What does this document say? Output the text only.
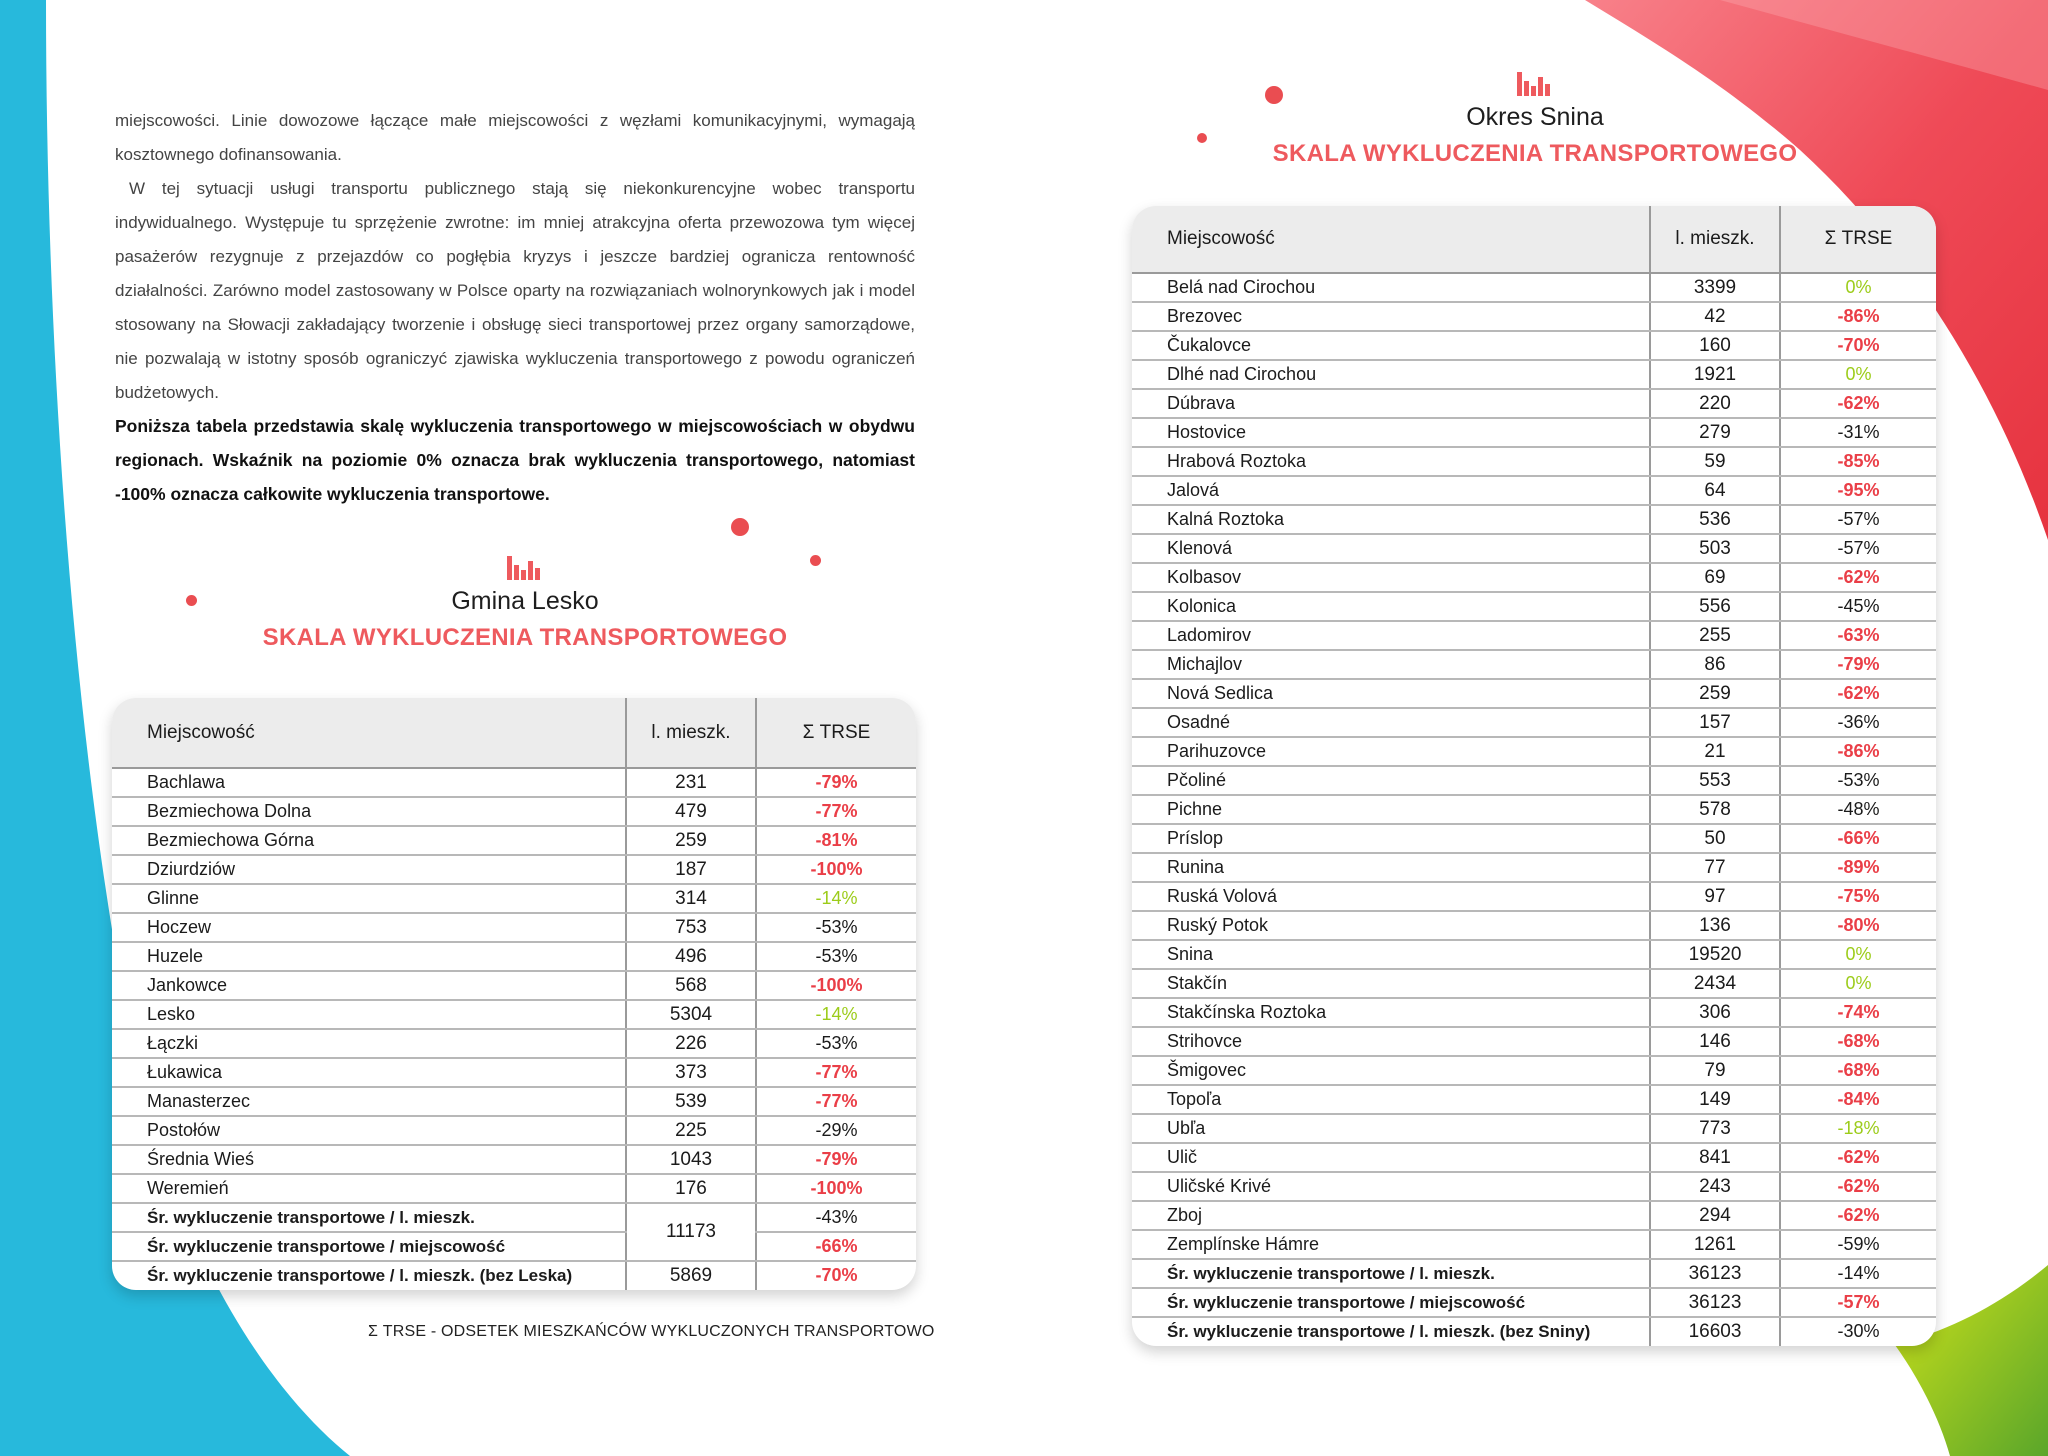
miejscowości. Linie dowozowe łączące małe miejscowości z węzłami komunikacyjnymi, wymagają kosztownego dofinansowania.

W tej sytuacji usługi transportu publicznego stają się niekonkurencyjne wobec transportu indywidualnego. Występuje tu sprzężenie zwrotne: im mniej atrakcyjna oferta przewozowa tym więcej pasażerów rezygnuje z przejazdów co pogłębia kryzys i jeszcze bardziej ogranicza rentowność działalności. Zarówno model zastosowany w Polsce oparty na rozwiązaniach wolnorynkowych jak i model stosowany na Słowacji zakładający tworzenie i obsługę sieci transportowej przez organy samorządowe, nie pozwalają w istotny sposób ograniczyć zjawiska wykluczenia transportowego z powodu ograniczeń budżetowych.

Poniższa tabela przedstawia skalę wykluczenia transportowego w miejscowościach w obydwu regionach. Wskaźnik na poziomie 0% oznacza brak wykluczenia transportowego, natomiast -100% oznacza całkowite wykluczenia transportowe.
Gmina Lesko
SKALA WYKLUCZENIA TRANSPORTOWEGO
Miejscowość	l. mieszk.	Σ TRSE
Bachlawa	231	-79%
Bezmiechowa Dolna	479	-77%
Bezmiechowa Górna	259	-81%
Dziurdziów	187	-100%
Glinne	314	-14%
Hoczew	753	-53%
Huzele	496	-53%
Jankowce	568	-100%
Lesko	5304	-14%
Łączki	226	-53%
Łukawica	373	-77%
Manasterzec	539	-77%
Postołów	225	-29%
Średnia Wieś	1043	-79%
Weremień	176	-100%
Śr. wykluczenie transportowe / l. mieszk.	11173	-43%
Śr. wykluczenie transportowe / miejscowość		-66%
Śr. wykluczenie transportowe / l. mieszk. (bez Leska)	5869	-70%
Σ TRSE - ODSETEK MIESZKAŃCÓW WYKLUCZONYCH TRANSPORTOWO
Okres Snina
SKALA WYKLUCZENIA TRANSPORTOWEGO
Miejscowość	l. mieszk.	Σ TRSE
Belá nad Cirochou	3399	0%
Brezovec	42	-86%
Čukalovce	160	-70%
Dlhé nad Cirochou	1921	0%
Dúbrava	220	-62%
Hostovice	279	-31%
Hrabová Roztoka	59	-85%
Jalová	64	-95%
Kalná Roztoka	536	-57%
Klenová	503	-57%
Kolbasov	69	-62%
Kolonica	556	-45%
Ladomirov	255	-63%
Michajlov	86	-79%
Nová Sedlica	259	-62%
Osadné	157	-36%
Parihuzovce	21	-86%
Pčoliné	553	-53%
Pichne	578	-48%
Príslop	50	-66%
Runina	77	-89%
Ruská Volová	97	-75%
Ruský Potok	136	-80%
Snina	19520	0%
Stakčín	2434	0%
Stakčínska Roztoka	306	-74%
Strihovce	146	-68%
Šmigovec	79	-68%
Topoľa	149	-84%
Ubľa	773	-18%
Ulič	841	-62%
Uličské Krivé	243	-62%
Zboj	294	-62%
Zemplínske Hámre	1261	-59%
Śr. wykluczenie transportowe / l. mieszk.	36123	-14%
Śr. wykluczenie transportowe / miejscowość	36123	-57%
Śr. wykluczenie transportowe / l. mieszk. (bez Sniny)	16603	-30%
